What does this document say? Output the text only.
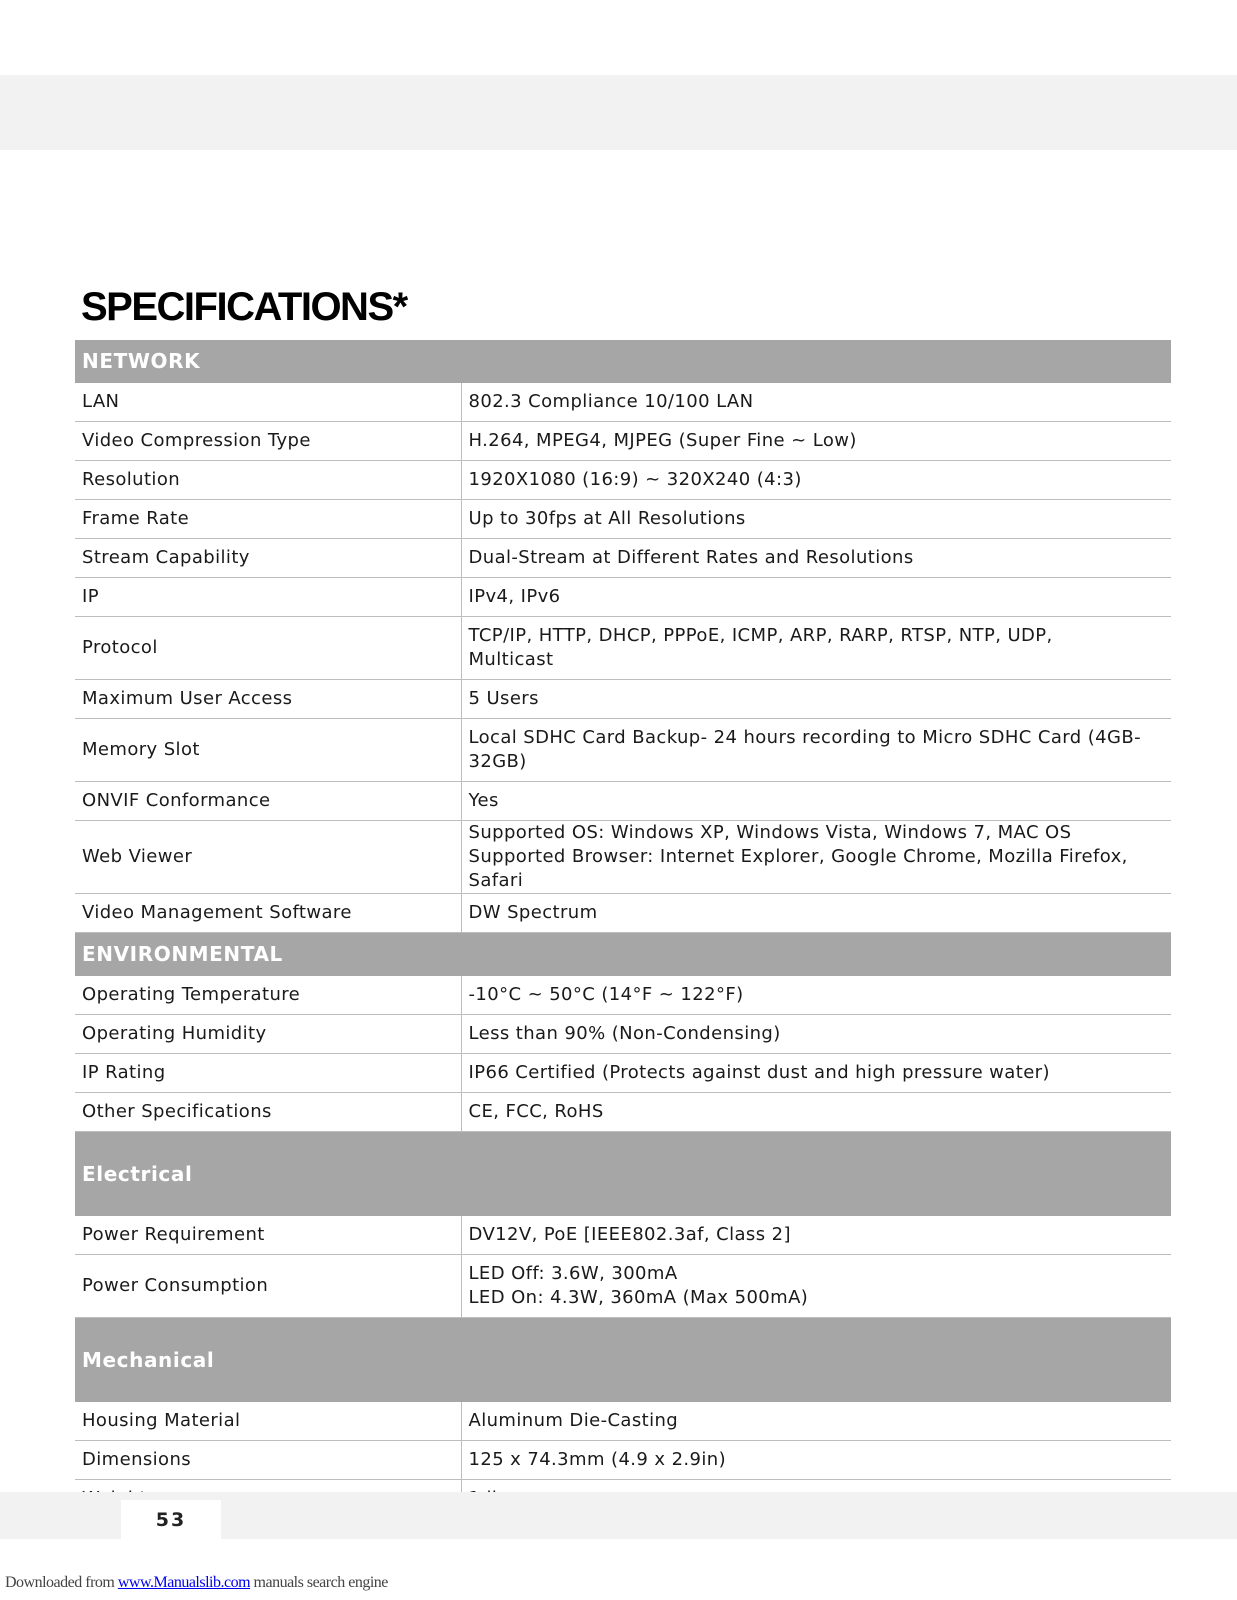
SPECIFICATIONS*
NETWORK	
LAN	802.3 Compliance 10/100 LAN

Video Compression Type	H.264, MPEG4, MJPEG (Super Fine ~ Low)

Resolution	1920X1080 (16:9) ~ 320X240 (4:3)

Frame Rate	Up to 30fps at All Resolutions

Stream Capability	Dual-Stream at Different Rates and Resolutions

IP	IPv4, IPv6

Protocol	TCP/IP, HTTP, DHCP, PPPoE, ICMP, ARP, RARP, RTSP, NTP, UDP,
Multicast

Maximum User Access	5 Users

Memory Slot	Local SDHC Card Backup- 24 hours recording to Micro SDHC Card (4GB-
32GB)

ONVIF Conformance	Yes

Web Viewer	Supported OS: Windows XP, Windows Vista, Windows 7, MAC OS
Supported Browser: Internet Explorer, Google Chrome, Mozilla Firefox, Safari

Video Management Software	DW Spectrum

ENVIRONMENTAL	
Operating Temperature	-10°C ~ 50°C (14°F ~ 122°F)

Operating Humidity	Less than 90% (Non-Condensing)

IP Rating	IP66 Certified (Protects against dust and high pressure water)

Other Specifications	CE, FCC, RoHS

Electrical	
Power Requirement	DV12V, PoE [IEEE802.3af, Class 2]

Power Consumption	LED Off: 3.6W, 300mA
LED On: 4.3W, 360mA (Max 500mA)

Mechanical	
Housing Material	Aluminum Die-Casting

Dimensions	125 x 74.3mm (4.9 x 2.9in)

53
Downloaded from www.Manualslib.com manuals search engine
